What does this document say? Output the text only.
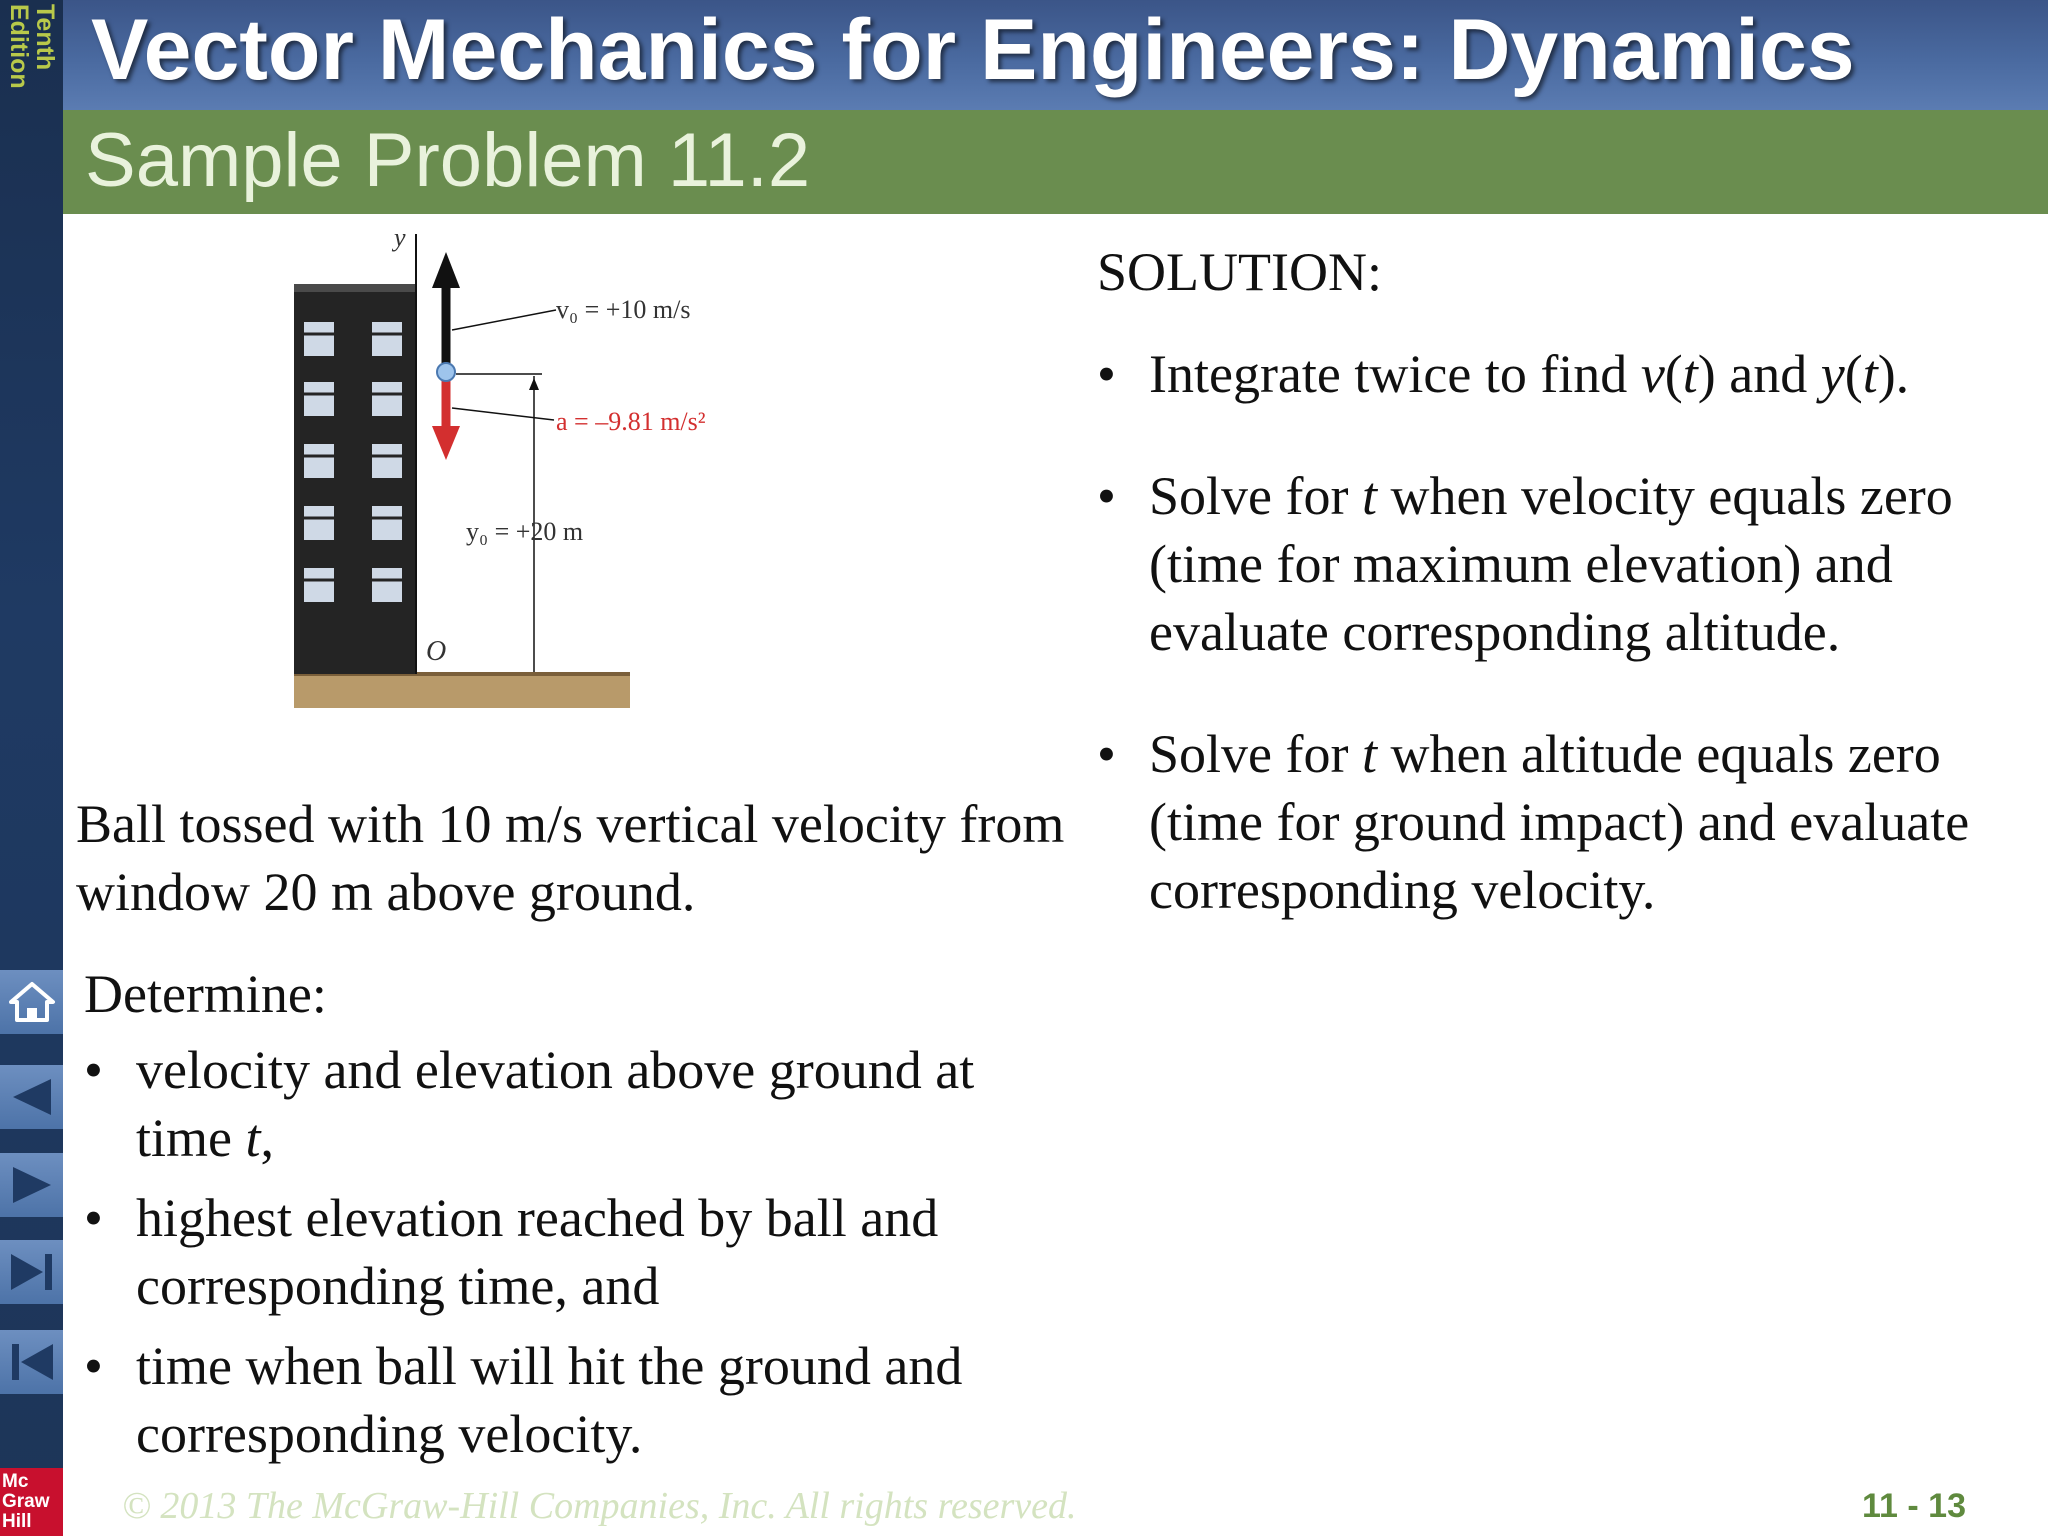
Tenth
Edition
Mc
Graw
Hill
Vector Mechanics for Engineers: Dynamics
Sample Problem 11.2
y
O
v₀ = +10 m/s
a = –9.81 m/s²
y₀ = +20 m
Ball tossed with 10 m/s vertical velocity from window 20 m above ground.
Determine:
• velocity and elevation above ground at time t,
• highest elevation reached by ball and corresponding time, and
• time when ball will hit the ground and corresponding velocity.
SOLUTION:
• Integrate twice to find v(t) and y(t).
• Solve for t when velocity equals zero (time for maximum elevation) and evaluate corresponding altitude.
• Solve for t when altitude equals zero (time for ground impact) and evaluate corresponding velocity.
© 2013 The McGraw-Hill Companies, Inc. All rights reserved.	11 - 13
